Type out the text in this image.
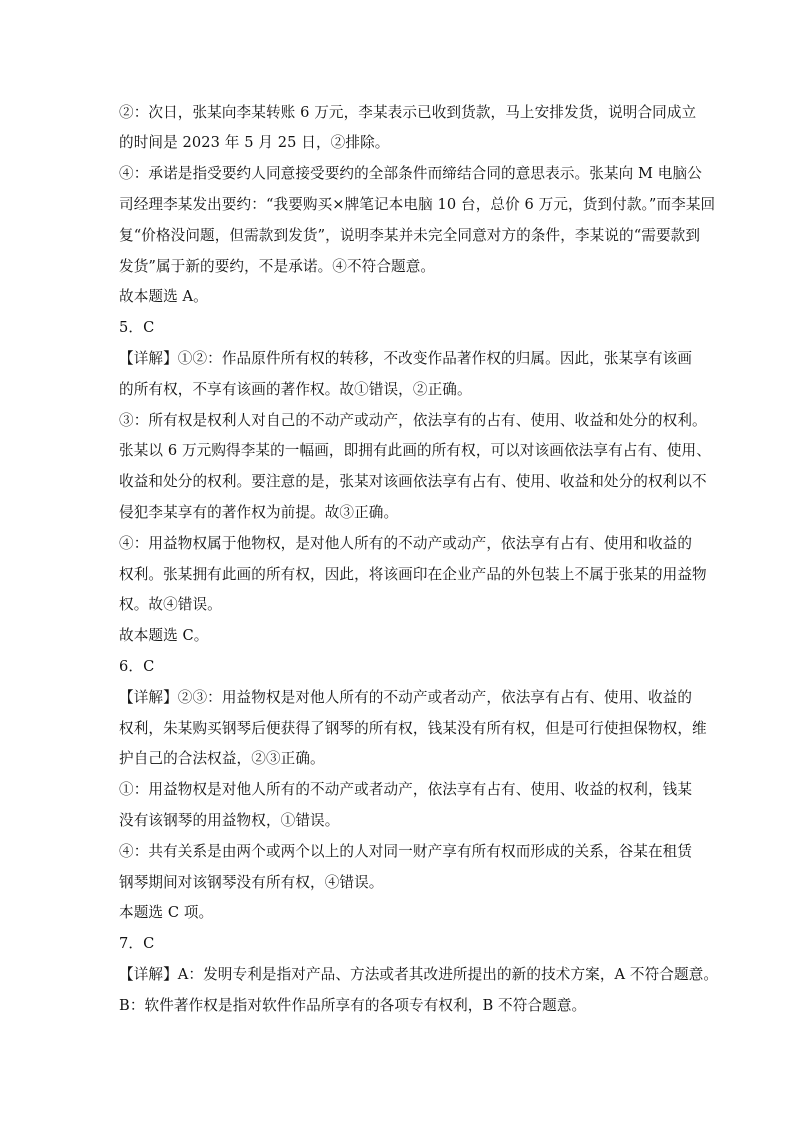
②：次日，张某向李某转账 6 万元，李某表示已收到货款，马上安排发货，说明合同成立
的时间是 2023 年 5 月 25 日，②排除。
④：承诺是指受要约人同意接受要约的全部条件而缔结合同的意思表示。张某向 M 电脑公
司经理李某发出要约：“我要购买×牌笔记本电脑 10 台，总价 6 万元，货到付款。”而李某回
复“价格没问题，但需款到发货”，说明李某并未完全同意对方的条件，李某说的“需要款到
发货”属于新的要约，不是承诺。④不符合题意。
故本题选 A。
5．C
【详解】①②：作品原件所有权的转移，不改变作品著作权的归属。因此，张某享有该画
的所有权，不享有该画的著作权。故①错误，②正确。
③：所有权是权利人对自己的不动产或动产，依法享有的占有、使用、收益和处分的权利。
张某以 6 万元购得李某的一幅画，即拥有此画的所有权，可以对该画依法享有占有、使用、
收益和处分的权利。要注意的是，张某对该画依法享有占有、使用、收益和处分的权利以不
侵犯李某享有的著作权为前提。故③正确。
④：用益物权属于他物权，是对他人所有的不动产或动产，依法享有占有、使用和收益的
权利。张某拥有此画的所有权，因此，将该画印在企业产品的外包装上不属于张某的用益物
权。故④错误。
故本题选 C。
6．C
【详解】②③：用益物权是对他人所有的不动产或者动产，依法享有占有、使用、收益的
权利，朱某购买钢琴后便获得了钢琴的所有权，钱某没有所有权，但是可行使担保物权，维
护自己的合法权益，②③正确。
①：用益物权是对他人所有的不动产或者动产，依法享有占有、使用、收益的权利，钱某
没有该钢琴的用益物权，①错误。
④：共有关系是由两个或两个以上的人对同一财产享有所有权而形成的关系，谷某在租赁
钢琴期间对该钢琴没有所有权，④错误。
本题选 C 项。
7．C
【详解】A：发明专利是指对产品、方法或者其改进所提出的新的技术方案，A 不符合题意。
B：软件著作权是指对软件作品所享有的各项专有权利，B 不符合题意。
